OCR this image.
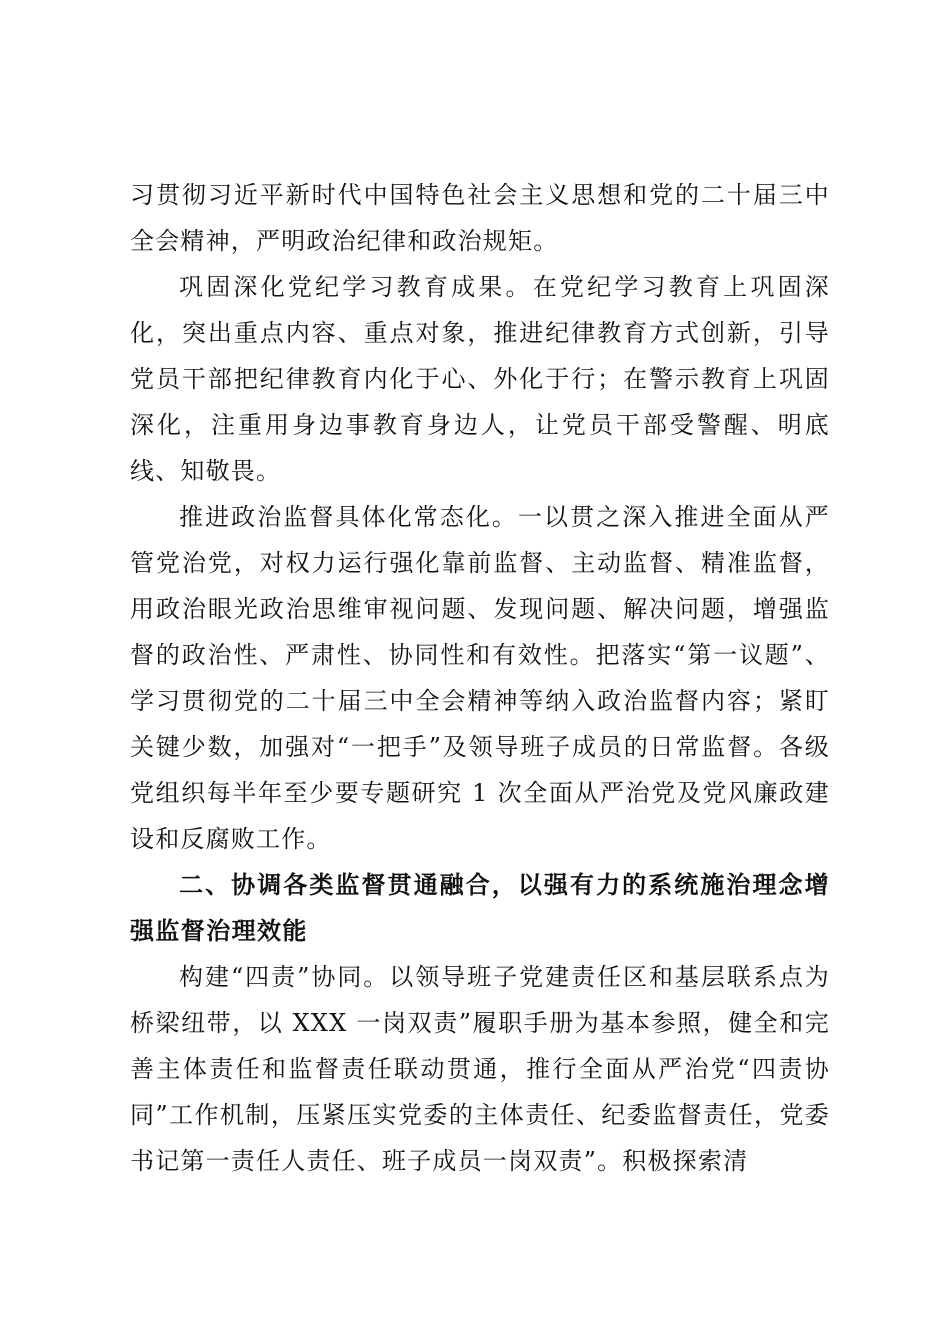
习贯彻习近平新时代中国特色社会主义思想和党的二十届三中全会精神，严明政治纪律和政治规矩。

巩固深化党纪学习教育成果。在党纪学习教育上巩固深化，突出重点内容、重点对象，推进纪律教育方式创新，引导党员干部把纪律教育内化于心、外化于行；在警示教育上巩固深化，注重用身边事教育身边人，让党员干部受警醒、明底线、知敬畏。

推进政治监督具体化常态化。一以贯之深入推进全面从严管党治党，对权力运行强化靠前监督、主动监督、精准监督，用政治眼光政治思维审视问题、发现问题、解决问题，增强监督的政治性、严肃性、协同性和有效性。把落实“第一议题”、学习贯彻党的二十届三中全会精神等纳入政治监督内容；紧盯关键少数，加强对“一把手”及领导班子成员的日常监督。各级党组织每半年至少要专题研究 1 次全面从严治党及党风廉政建设和反腐败工作。

二、协调各类监督贯通融合，以强有力的系统施治理念增强监督治理效能

构建“四责”协同。以领导班子党建责任区和基层联系点为桥梁纽带，以 XXX 一岗双责”履职手册为基本参照，健全和完善主体责任和监督责任联动贯通，推行全面从严治党“四责协同”工作机制，压紧压实党委的主体责任、纪委监督责任，党委书记第一责任人责任、班子成员一岗双责”。积极探索清
